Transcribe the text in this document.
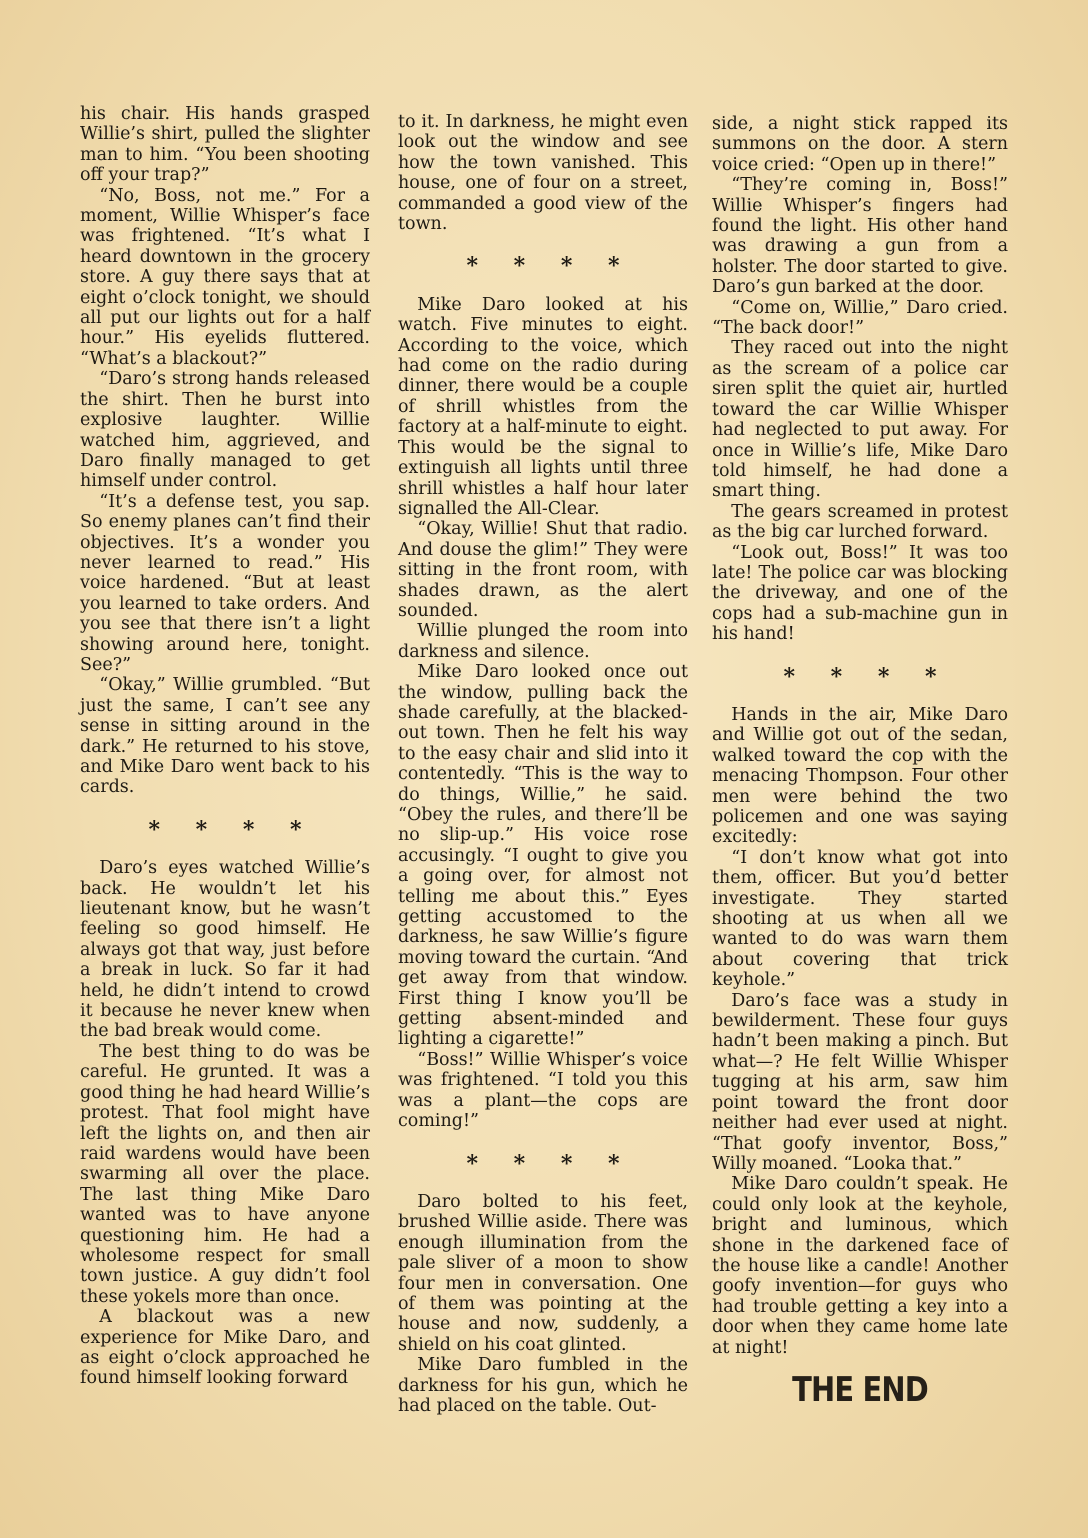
his chair. His hands grasped Willie’s shirt, pulled the slighter man to him. “You been shooting off your trap?”

“No, Boss, not me.” For a moment, Willie Whisper’s face was frightened. “It’s what I heard downtown in the grocery store. A guy there says that at eight o’clock tonight, we should all put our lights out for a half hour.” His eyelids fluttered. “What’s a blackout?”

“Daro’s strong hands released the shirt. Then he burst into explosive laughter. Willie watched him, aggrieved, and Daro finally managed to get himself under control.

“It’s a defense test, you sap. So enemy planes can’t find their objectives. It’s a wonder you never learned to read.” His voice hardened. “But at least you learned to take orders. And you see that there isn’t a light showing around here, tonight. See?”

“Okay,” Willie grumbled. “But just the same, I can’t see any sense in sitting around in the dark.” He returned to his stove, and Mike Daro went back to his cards.

* * * *

Daro’s eyes watched Willie’s back. He wouldn’t let his lieutenant know, but he wasn’t feeling so good himself. He always got that way, just before a break in luck. So far it had held, he didn’t intend to crowd it because he never knew when the bad break would come.

The best thing to do was be careful. He grunted. It was a good thing he had heard Willie’s protest. That fool might have left the lights on, and then air raid wardens would have been swarming all over the place. The last thing Mike Daro wanted was to have anyone questioning him. He had a wholesome respect for small town justice. A guy didn’t fool these yokels more than once.

A blackout was a new experience for Mike Daro, and as eight o’clock approached he found himself looking forward

to it. In darkness, he might even look out the window and see how the town vanished. This house, one of four on a street, commanded a good view of the town.

* * * *

Mike Daro looked at his watch. Five minutes to eight. According to the voice, which had come on the radio during dinner, there would be a couple of shrill whistles from the factory at a half-minute to eight. This would be the signal to extinguish all lights until three shrill whistles a half hour later signalled the All-Clear.

“Okay, Willie! Shut that radio. And douse the glim!” They were sitting in the front room, with shades drawn, as the alert sounded.

Willie plunged the room into darkness and silence.

Mike Daro looked once out the window, pulling back the shade carefully, at the blacked-out town. Then he felt his way to the easy chair and slid into it contentedly. “This is the way to do things, Willie,” he said. “Obey the rules, and there’ll be no slip-up.” His voice rose accusingly. “I ought to give you a going over, for almost not telling me about this.” Eyes getting accustomed to the darkness, he saw Willie’s figure moving toward the curtain. “And get away from that window. First thing I know you’ll be getting absent-minded and lighting a cigarette!”

“Boss!” Willie Whisper’s voice was frightened. “I told you this was a plant—the cops are coming!”

* * * *

Daro bolted to his feet, brushed Willie aside. There was enough illumination from the pale sliver of a moon to show four men in conversation. One of them was pointing at the house and now, suddenly, a shield on his coat glinted.

Mike Daro fumbled in the darkness for his gun, which he had placed on the table. Out-

side, a night stick rapped its summons on the door. A stern voice cried: “Open up in there!”

“They’re coming in, Boss!” Willie Whisper’s fingers had found the light. His other hand was drawing a gun from a holster. The door started to give. Daro’s gun barked at the door.

“Come on, Willie,” Daro cried. “The back door!”

They raced out into the night as the scream of a police car siren split the quiet air, hurtled toward the car Willie Whisper had neglected to put away. For once in Willie’s life, Mike Daro told himself, he had done a smart thing.

The gears screamed in protest as the big car lurched forward.

“Look out, Boss!” It was too late! The police car was blocking the driveway, and one of the cops had a sub-machine gun in his hand!

* * * *

Hands in the air, Mike Daro and Willie got out of the sedan, walked toward the cop with the menacing Thompson. Four other men were behind the two policemen and one was saying excitedly:

“I don’t know what got into them, officer. But you’d better investigate. They started shooting at us when all we wanted to do was warn them about covering that trick keyhole.”

Daro’s face was a study in bewilderment. These four guys hadn’t been making a pinch. But what—? He felt Willie Whisper tugging at his arm, saw him point toward the front door neither had ever used at night. “That goofy inventor, Boss,” Willy moaned. “Looka that.”

Mike Daro couldn’t speak. He could only look at the keyhole, bright and luminous, which shone in the darkened face of the house like a candle! Another goofy invention—for guys who had trouble getting a key into a door when they came home late at night!

THE END
